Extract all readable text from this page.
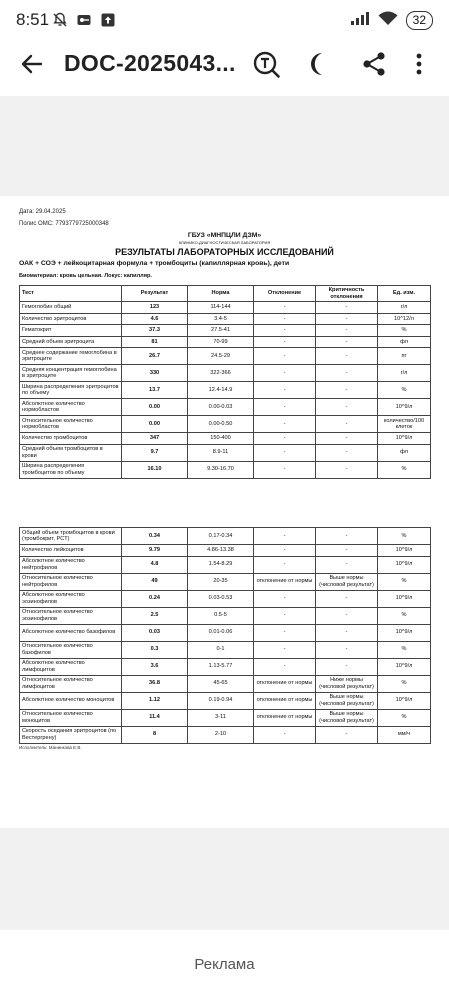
8:51	32
DOC-2025043...
Дата: 29.04.2025
Полис ОМС: 7793779725000348
ГБУЗ «МНПЦЛИ ДЗМ»
КЛИНИКО-ДИАГНОСТИЧЕСКАЯ ЛАБОРАТОРИЯ
РЕЗУЛЬТАТЫ ЛАБОРАТОРНЫХ ИССЛЕДОВАНИЙ
ОАК + СОЭ + лейкоцитарная формула + тромбоциты (капиллярная кровь), дети
Биоматериал: кровь цельная. Локус: капилляр.
Тест	Результат	Норма	Отклонение	Критичность отклонения	Ед. изм.
Гемоглобин общий	123	114-144	-	-	г/л
Количество эритроцитов	4.6	3.4-5	-	-	10^12/л
Гематокрит	37.3	27.5-41	-	-	%
Средний объем эритроцита	81	70-99	-	-	фл
Среднее содержание гемоглобина в эритроците	26.7	24.5-29	-	-	пг
Средняя концентрация гемоглобина в эритроците	330	322-366	-	-	г/л
Ширина распределения эритроцитов по объему	13.7	12.4-14.9	-	-	%
Абсолютное количество нормобластов	0.00	0.00-0.03	-	-	10^9/л
Относительное количество нормобластов	0.00	0.00-0.50	-	-	количество/100 клеток
Количество тромбоцитов	347	150-400	-	-	10^9/л
Средний объем тромбоцитов в крови	9.7	8.9-11	-	-	фл
Ширина распределения тромбоцитов по объему	16.10	9.30-16.70	-	-	%
Общий объем тромбоцитов в крови (тромбокрит, PCT)	0.34	0.17-0.34	-	-	%
Количество лейкоцитов	9.79	4.86-13.38	-	-	10^9/л
Абсолютное количество нейтрофилов	4.8	1.54-8.29	-	-	10^9/л
Относительное количество нейтрофилов	49	20-35	отклонение от нормы	Выше нормы (числовой результат)	%
Абсолютное количество эозинофилов	0.24	0.03-0.53	-	-	10^9/л
Относительное количество эозинофилов	2.5	0.5-5	-	-	%
Абсолютное количество базофилов	0.03	0.01-0.06	-	-	10^9/л
Относительное количество базофилов	0.3	0-1	-	-	%
Абсолютное количество лимфоцитов	3.6	1.13-5.77	-	-	10^9/л
Относительное количество лимфоцитов	36.8	45-65	отклонение от нормы	Ниже нормы (числовой результат)	%
Абсолютное количество моноцитов	1.12	0.19-0.94	отклонение от нормы	Выше нормы (числовой результат)	10^9/л
Относительное количество моноцитов	11.4	3-11	отклонение от нормы	Выше нормы (числовой результат)	%
Скорость оседания эритроцитов (по Вестергрену)	8	2-10	-	-	мм/ч
Исполнитель: Манинкова Е.В.
Реклама
